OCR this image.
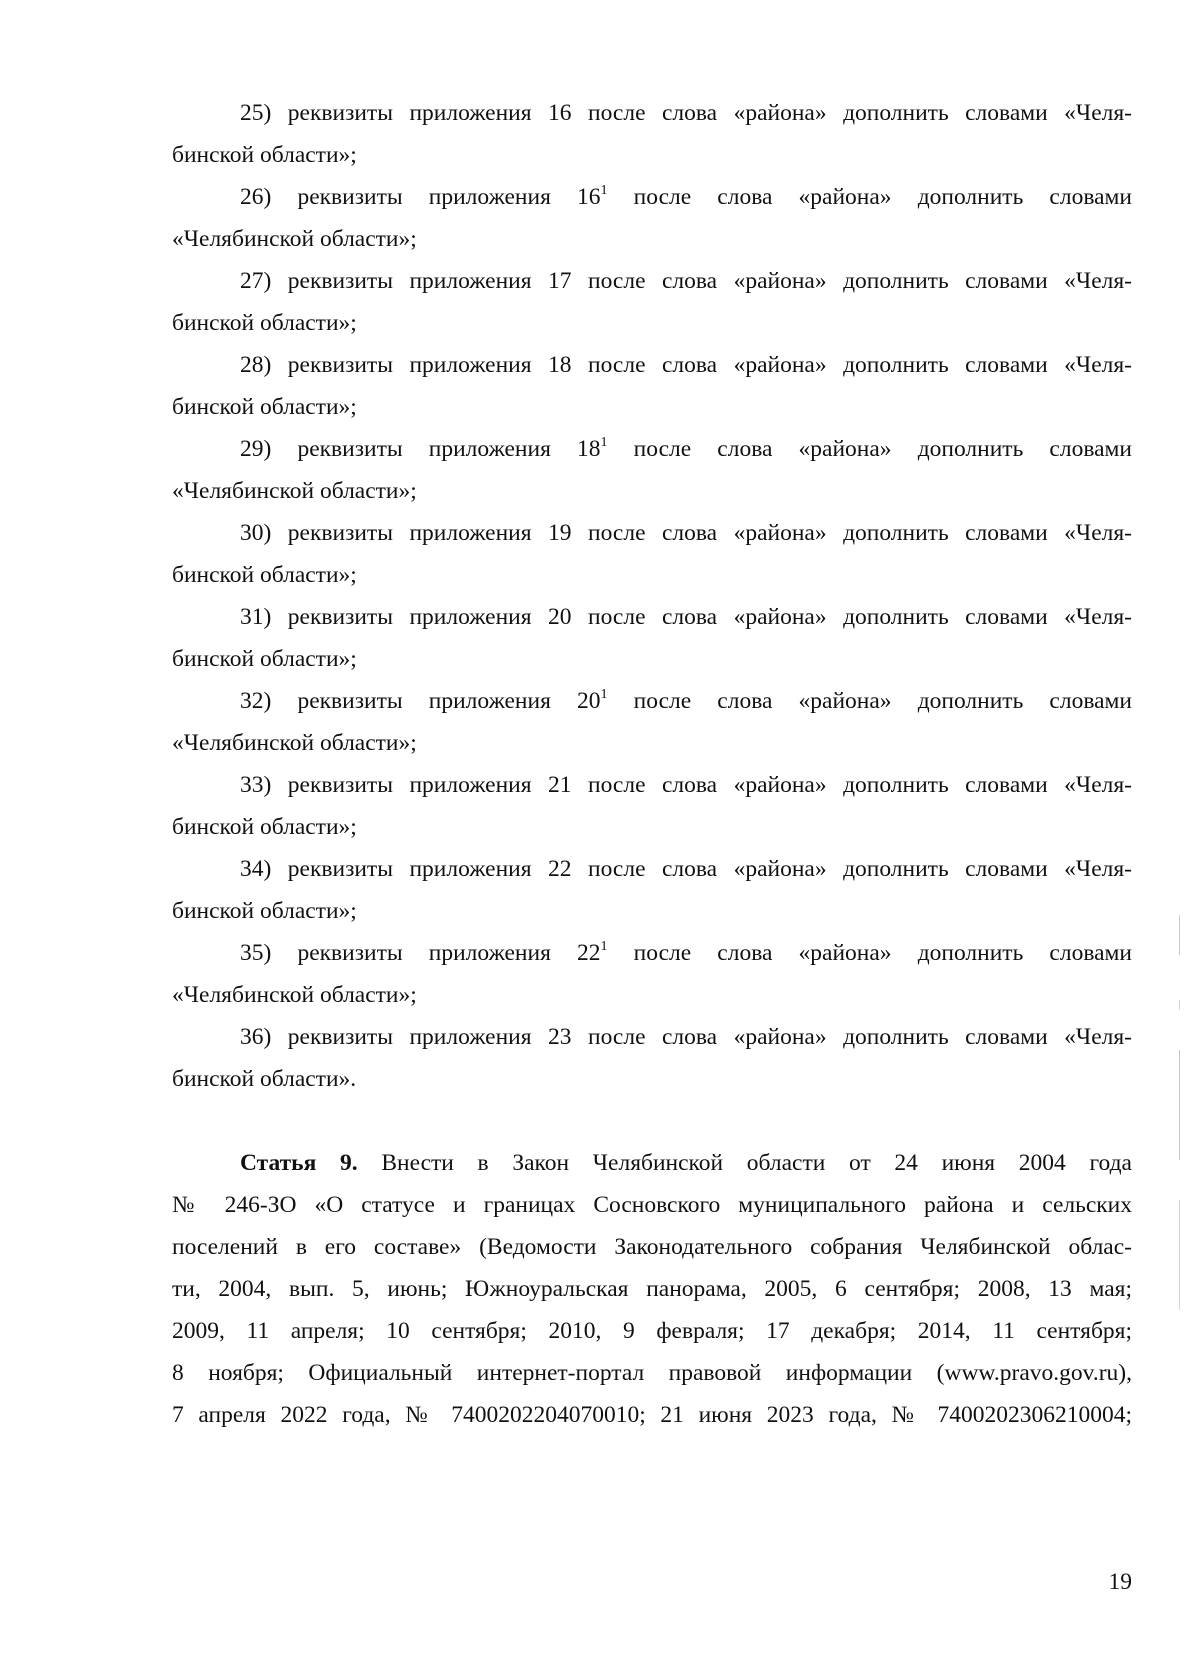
25) реквизиты приложения 16 после слова «района» дополнить словами «Челя-
бинской области»;
26) реквизиты приложения $16^1$ после слова «района» дополнить словами
«Челябинской области»;
27) реквизиты приложения 17 после слова «района» дополнить словами «Челя-
бинской области»;
28) реквизиты приложения 18 после слова «района» дополнить словами «Челя-
бинской области»;
29) реквизиты приложения $18^1$ после слова «района» дополнить словами
«Челябинской области»;
30) реквизиты приложения 19 после слова «района» дополнить словами «Челя-
бинской области»;
31) реквизиты приложения 20 после слова «района» дополнить словами «Челя-
бинской области»;
32) реквизиты приложения $20^1$ после слова «района» дополнить словами
«Челябинской области»;
33) реквизиты приложения 21 после слова «района» дополнить словами «Челя-
бинской области»;
34) реквизиты приложения 22 после слова «района» дополнить словами «Челя-
бинской области»;
35) реквизиты приложения $22^1$ после слова «района» дополнить словами
«Челябинской области»;
36) реквизиты приложения 23 после слова «района» дополнить словами «Челя-
бинской области».
Статья 9. Внести в Закон Челябинской области от 24 июня 2004 года
№ 246-ЗО «О статусе и границах Сосновского муниципального района и сельских
поселений в его составе» (Ведомости Законодательного собрания Челябинской облас-
ти, 2004, вып. 5, июнь; Южноуральская панорама, 2005, 6 сентября; 2008, 13 мая;
2009, 11 апреля; 10 сентября; 2010, 9 февраля; 17 декабря; 2014, 11 сентября;
8 ноября; Официальный интернет-портал правовой информации (www.pravo.gov.ru),
7 апреля 2022 года, № 7400202204070010; 21 июня 2023 года, № 7400202306210004;
19
